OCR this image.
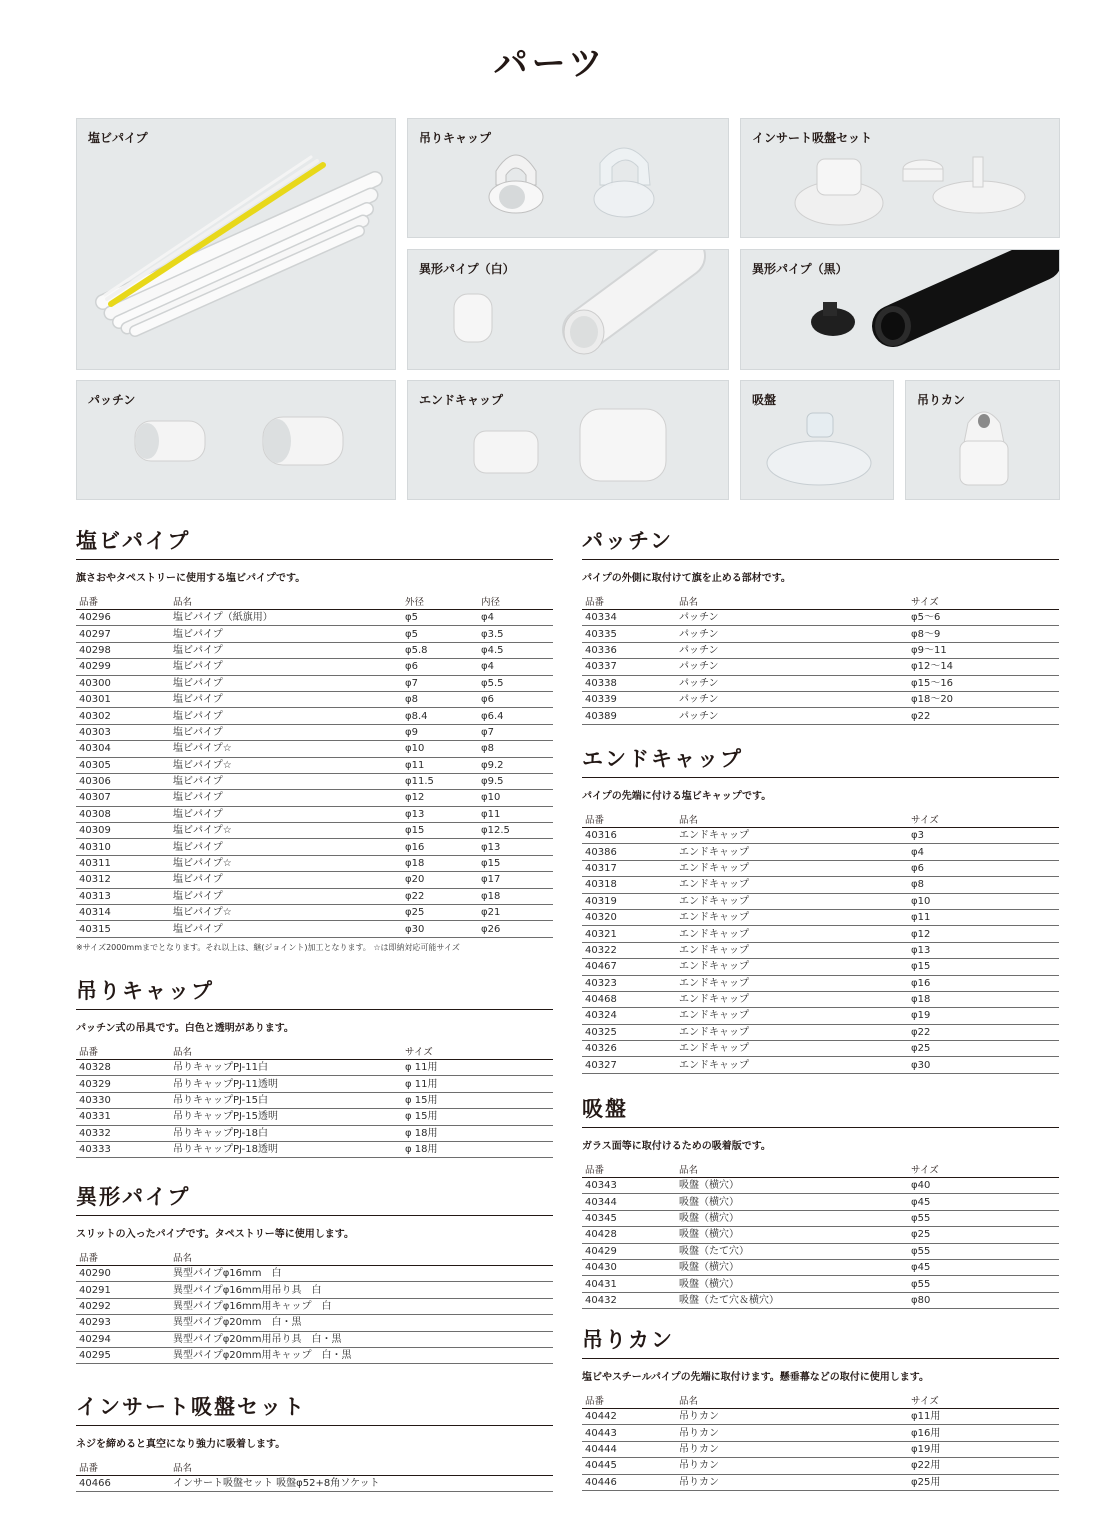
パーツ
塩ビパイプ	吊りキャップ	インサート吸盤セット
異形パイプ（白）	異形パイプ（黒）
パッチン	エンドキャップ	吸盤	吊りカン
塩ビパイプ
旗さおやタペストリーに使用する塩ビパイプです。
品番	品名	外径	内径
40296	塩ビパイプ（紙旗用）	φ5	φ4
40297	塩ビパイプ	φ5	φ3.5
40298	塩ビパイプ	φ5.8	φ4.5
40299	塩ビパイプ	φ6	φ4
40300	塩ビパイプ	φ7	φ5.5
40301	塩ビパイプ	φ8	φ6
40302	塩ビパイプ	φ8.4	φ6.4
40303	塩ビパイプ	φ9	φ7
40304	塩ビパイプ☆	φ10	φ8
40305	塩ビパイプ☆	φ11	φ9.2
40306	塩ビパイプ	φ11.5	φ9.5
40307	塩ビパイプ	φ12	φ10
40308	塩ビパイプ	φ13	φ11
40309	塩ビパイプ☆	φ15	φ12.5
40310	塩ビパイプ	φ16	φ13
40311	塩ビパイプ☆	φ18	φ15
40312	塩ビパイプ	φ20	φ17
40313	塩ビパイプ	φ22	φ18
40314	塩ビパイプ☆	φ25	φ21
40315	塩ビパイプ	φ30	φ26
※サイズ2000mmまでとなります。それ以上は、継(ジョイント)加工となります。 ☆は即納対応可能サイズ
吊りキャップ
パッチン式の吊具です。白色と透明があります。
品番	品名	サイズ
40328	吊りキャップPJ-11白	φ 11用
40329	吊りキャップPJ-11透明	φ 11用
40330	吊りキャップPJ-15白	φ 15用
40331	吊りキャップPJ-15透明	φ 15用
40332	吊りキャップPJ-18白	φ 18用
40333	吊りキャップPJ-18透明	φ 18用
異形パイプ
スリットの入ったパイプです。タペストリー等に使用します。
品番	品名
40290	異型パイプφ16mm　白
40291	異型パイプφ16mm用吊り具　白
40292	異型パイプφ16mm用キャップ　白
40293	異型パイプφ20mm　白・黒
40294	異型パイプφ20mm用吊り具　白・黒
40295	異型パイプφ20mm用キャップ　白・黒
インサート吸盤セット
ネジを締めると真空になり強力に吸着します。
品番	品名
40466	インサート吸盤セット 吸盤φ52+8角ソケット
パッチン
パイプの外側に取付けて旗を止める部材です。
品番	品名	サイズ
40334	パッチン	φ5〜6
40335	パッチン	φ8〜9
40336	パッチン	φ9〜11
40337	パッチン	φ12〜14
40338	パッチン	φ15〜16
40339	パッチン	φ18〜20
40389	パッチン	φ22
エンドキャップ
パイプの先端に付ける塩ビキャップです。
品番	品名	サイズ
40316	エンドキャップ	φ3
40386	エンドキャップ	φ4
40317	エンドキャップ	φ6
40318	エンドキャップ	φ8
40319	エンドキャップ	φ10
40320	エンドキャップ	φ11
40321	エンドキャップ	φ12
40322	エンドキャップ	φ13
40467	エンドキャップ	φ15
40323	エンドキャップ	φ16
40468	エンドキャップ	φ18
40324	エンドキャップ	φ19
40325	エンドキャップ	φ22
40326	エンドキャップ	φ25
40327	エンドキャップ	φ30
吸盤
ガラス面等に取付けるための吸着版です。
品番	品名	サイズ
40343	吸盤（横穴）	φ40
40344	吸盤（横穴）	φ45
40345	吸盤（横穴）	φ55
40428	吸盤（横穴）	φ25
40429	吸盤（たて穴）	φ55
40430	吸盤（横穴）	φ45
40431	吸盤（横穴）	φ55
40432	吸盤（たて穴＆横穴）	φ80
吊りカン
塩ビやスチールパイプの先端に取付けます。懸垂幕などの取付に使用します。
品番	品名	サイズ
40442	吊りカン	φ11用
40443	吊りカン	φ16用
40444	吊りカン	φ19用
40445	吊りカン	φ22用
40446	吊りカン	φ25用
